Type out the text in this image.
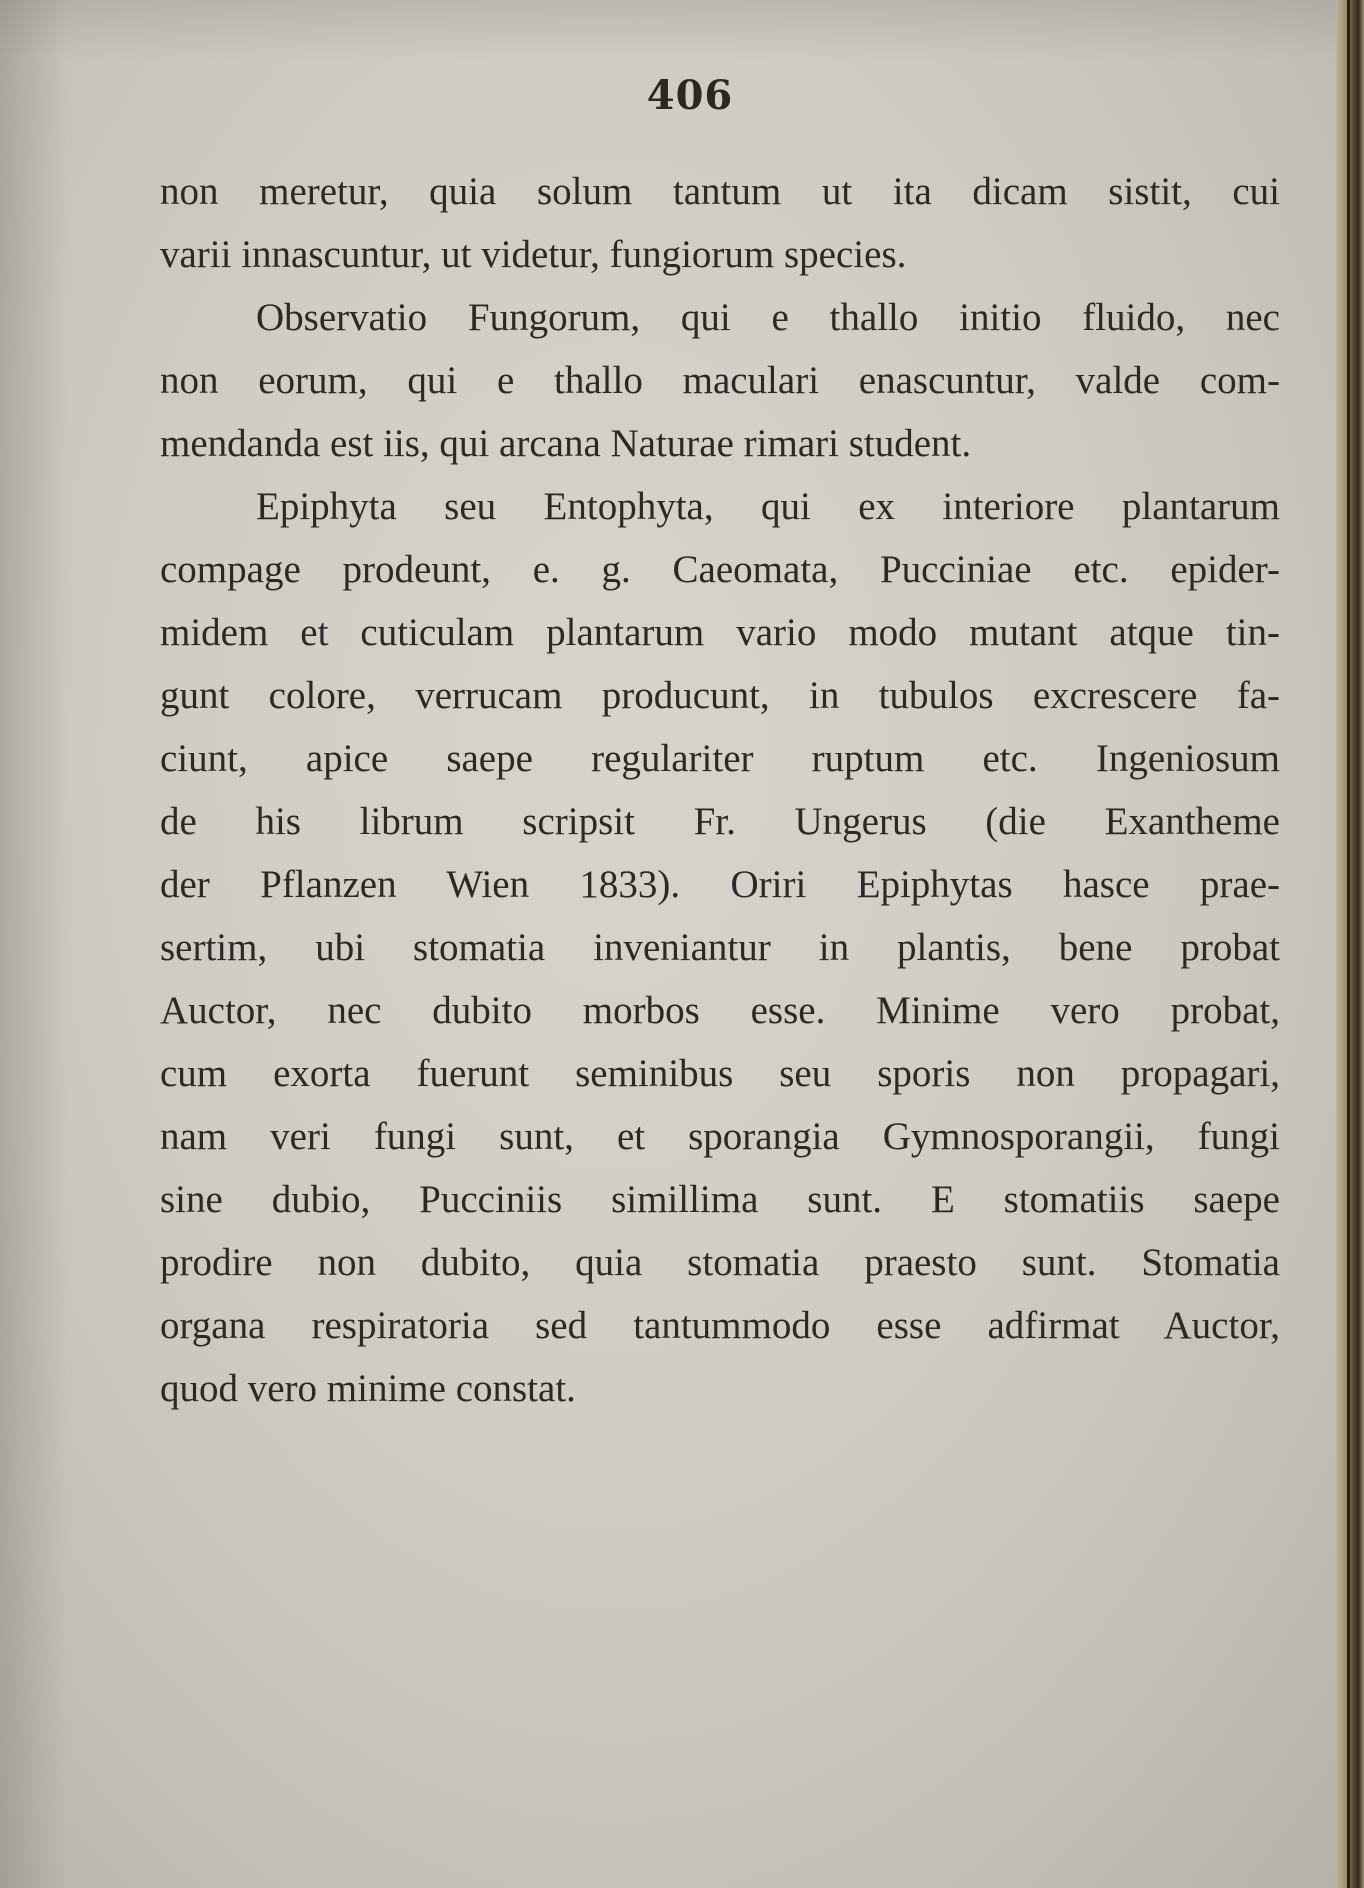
406
non meretur, quia solum tantum ut ita dicam sistit, cui
varii innascuntur, ut videtur, fungiorum species.
Observatio Fungorum, qui e thallo initio fluido, nec
non eorum, qui e thallo maculari enascuntur, valde com-
mendanda est iis, qui arcana Naturae rimari student.
Epiphyta seu Entophyta, qui ex interiore plantarum
compage prodeunt, e. g. Caeomata, Pucciniae etc. epider-
midem et cuticulam plantarum vario modo mutant atque tin-
gunt colore, verrucam producunt, in tubulos excrescere fa-
ciunt, apice saepe regulariter ruptum etc. Ingeniosum
de his librum scripsit Fr. Ungerus (die Exantheme
der Pflanzen Wien 1833). Oriri Epiphytas hasce prae-
sertim, ubi stomatia inveniantur in plantis, bene probat
Auctor, nec dubito morbos esse. Minime vero probat,
cum exorta fuerunt seminibus seu sporis non propagari,
nam veri fungi sunt, et sporangia Gymnosporangii, fungi
sine dubio, Pucciniis simillima sunt. E stomatiis saepe
prodire non dubito, quia stomatia praesto sunt. Stomatia
organa respiratoria sed tantummodo esse adfirmat Auctor,
quod vero minime constat.
